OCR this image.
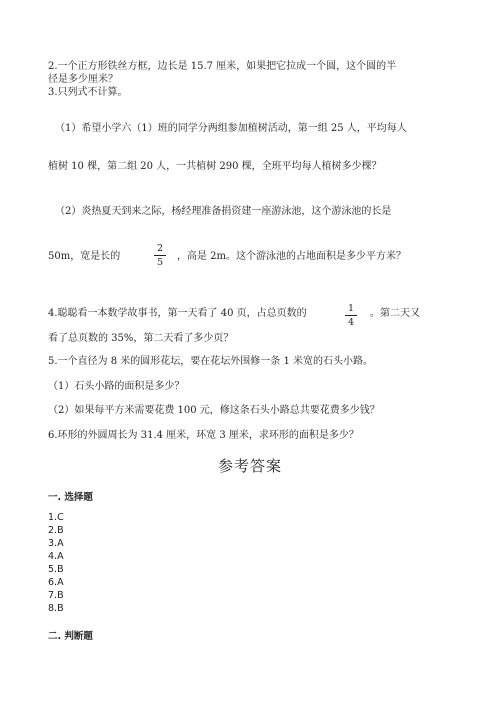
2.一个正方形铁丝方框，边长是 15.7 厘米，如果把它拉成一个圆，这个圆的半
径是多少厘米？
3.只列式不计算。
（1）希望小学六（1）班的同学分两组参加植树活动，第一组 25 人，平均每人
植树 10 棵，第二组 20 人，一共植树 290 棵，全班平均每人植树多少棵？
（2）炎热夏天到来之际，杨经理准备捐资建一座游泳池，这个游泳池的长是
50m，宽是长的
2
5
，高是 2m。这个游泳池的占地面积是多少平方米？
4.聪聪看一本数学故事书，第一天看了 40 页，占总页数的	1
4
。第二天又
看了总页数的 35%，第二天看了多少页？
5.一个直径为 8 米的圆形花坛，要在花坛外围修一条 1 米宽的石头小路。
（1）石头小路的面积是多少？
（2）如果每平方米需要花费 100 元，修这条石头小路总共要花费多少钱？
6.环形的外圆周长为 31.4 厘米，环宽 3 厘米，求环形的面积是多少？
参考答案
一. 选择题
1.C
2.B
3.A
4.A
5.B
6.A
7.B
8.B
二. 判断题
